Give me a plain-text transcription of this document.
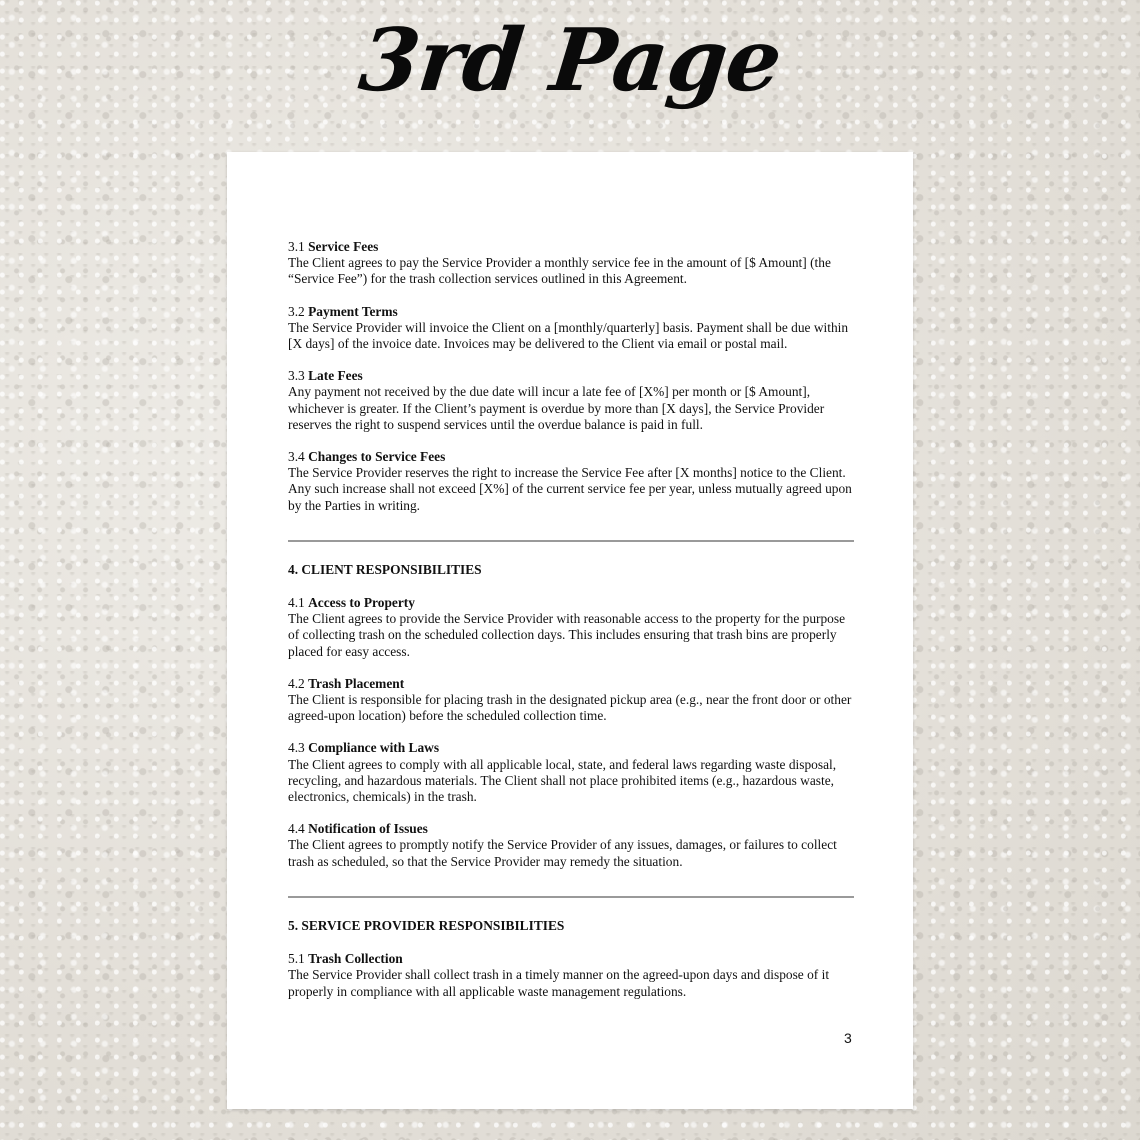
3rd Page
3.1 Service Fees
The Client agrees to pay the Service Provider a monthly service fee in the amount of [$ Amount] (the “Service Fee”) for the trash collection services outlined in this Agreement.
3.2 Payment Terms
The Service Provider will invoice the Client on a [monthly/quarterly] basis. Payment shall be due within [X days] of the invoice date. Invoices may be delivered to the Client via email or postal mail.
3.3 Late Fees
Any payment not received by the due date will incur a late fee of [X%] per month or [$ Amount], whichever is greater. If the Client’s payment is overdue by more than [X days], the Service Provider reserves the right to suspend services until the overdue balance is paid in full.
3.4 Changes to Service Fees
The Service Provider reserves the right to increase the Service Fee after [X months] notice to the Client. Any such increase shall not exceed [X%] of the current service fee per year, unless mutually agreed upon by the Parties in writing.
4. CLIENT RESPONSIBILITIES
4.1 Access to Property
The Client agrees to provide the Service Provider with reasonable access to the property for the purpose of collecting trash on the scheduled collection days. This includes ensuring that trash bins are properly placed for easy access.
4.2 Trash Placement
The Client is responsible for placing trash in the designated pickup area (e.g., near the front door or other agreed-upon location) before the scheduled collection time.
4.3 Compliance with Laws
The Client agrees to comply with all applicable local, state, and federal laws regarding waste disposal, recycling, and hazardous materials. The Client shall not place prohibited items (e.g., hazardous waste, electronics, chemicals) in the trash.
4.4 Notification of Issues
The Client agrees to promptly notify the Service Provider of any issues, damages, or failures to collect trash as scheduled, so that the Service Provider may remedy the situation.
5. SERVICE PROVIDER RESPONSIBILITIES
5.1 Trash Collection
The Service Provider shall collect trash in a timely manner on the agreed-upon days and dispose of it properly in compliance with all applicable waste management regulations.
3
